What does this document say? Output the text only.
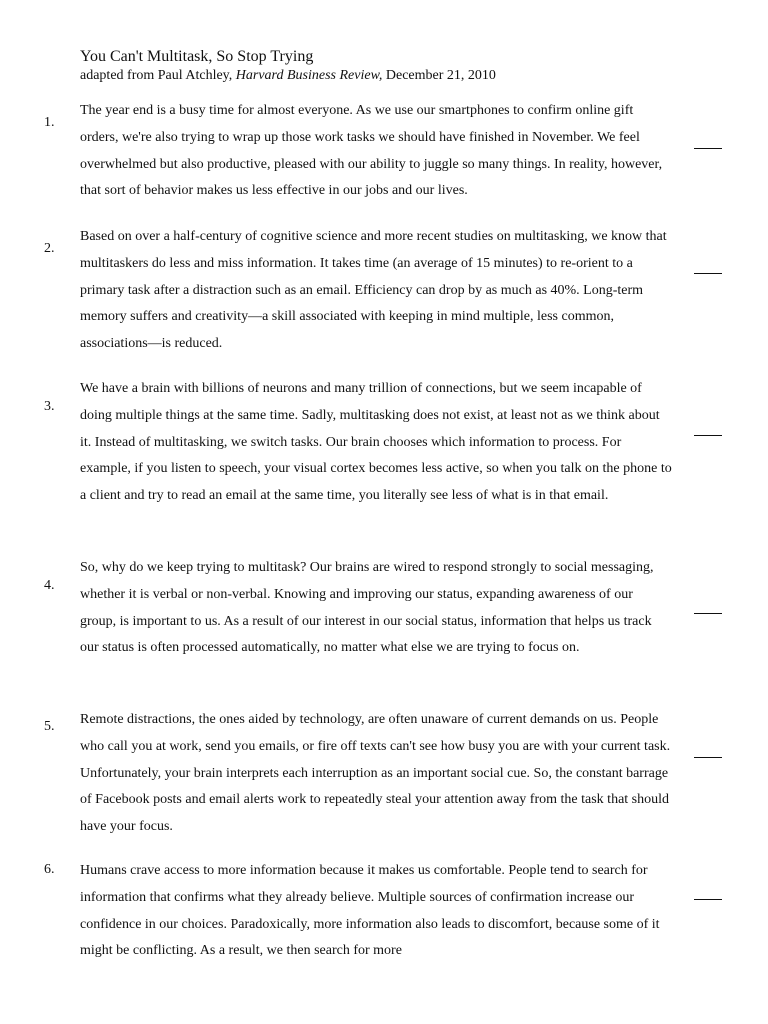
You Can't Multitask, So Stop Trying
adapted from Paul Atchley, Harvard Business Review, December 21, 2010
1.

The year end is a busy time for almost everyone. As we use our smartphones to confirm online gift orders, we're also trying to wrap up those work tasks we should have finished in November. We feel overwhelmed but also productive, pleased with our ability to juggle so many things. In reality, however, that sort of behavior makes us less effective in our jobs and our lives.

2.

Based on over a half-century of cognitive science and more recent studies on multitasking, we know that multitaskers do less and miss information. It takes time (an average of 15 minutes) to re-orient to a primary task after a distraction such as an email. Efficiency can drop by as much as 40%. Long-term memory suffers and creativity—a skill associated with keeping in mind multiple, less common, associations—is reduced.

3.

We have a brain with billions of neurons and many trillion of connections, but we seem incapable of doing multiple things at the same time. Sadly, multitasking does not exist, at least not as we think about it. Instead of multitasking, we switch tasks. Our brain chooses which information to process. For example, if you listen to speech, your visual cortex becomes less active, so when you talk on the phone to a client and try to read an email at the same time, you literally see less of what is in that email.

4.

So, why do we keep trying to multitask? Our brains are wired to respond strongly to social messaging, whether it is verbal or non-verbal. Knowing and improving our status, expanding awareness of our group, is important to us. As a result of our interest in our social status, information that helps us track our status is often processed automatically, no matter what else we are trying to focus on.

5. Remote distractions, the ones aided by technology, are often unaware of current demands on us. People who call you at work, send you emails, or fire off texts can't see how busy you are with your current task. Unfortunately, your brain interprets each interruption as an important social cue. So, the constant barrage of Facebook posts and email alerts work to repeatedly steal your attention away from the task that should have your focus.

6. Humans crave access to more information because it makes us comfortable. People tend to search for information that confirms what they already believe. Multiple sources of confirmation increase our confidence in our choices. Paradoxically, more information also leads to discomfort, because some of it might be conflicting. As a result, we then search for more
